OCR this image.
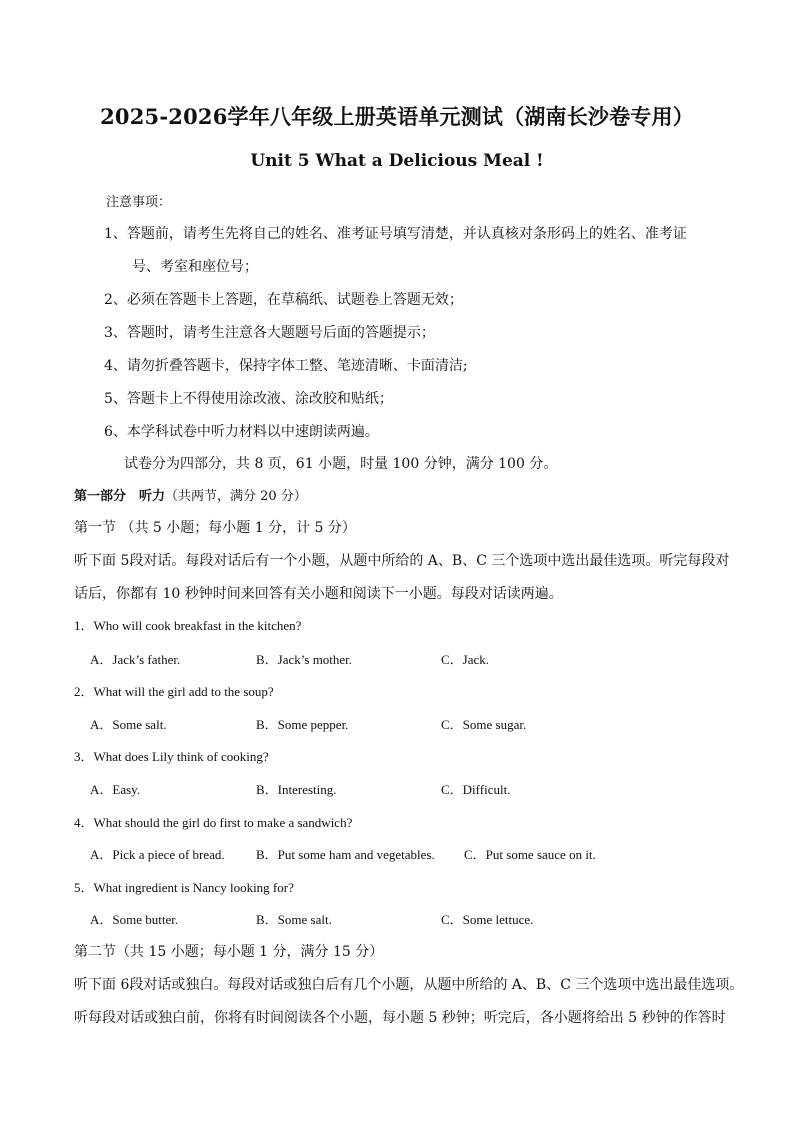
2025-2026学年八年级上册英语单元测试（湖南长沙卷专用）
Unit 5 What a Delicious Meal !
注意事项：
1、答题前，请考生先将自己的姓名、准考证号填写清楚，并认真核对条形码上的姓名、准考证
号、考室和座位号；
2、必须在答题卡上答题，在草稿纸、试题卷上答题无效；
3、答题时，请考生注意各大题题号后面的答题提示；
4、请勿折叠答题卡，保持字体工整、笔迹清晰、卡面清洁;
5、答题卡上不得使用涂改液、涂改胶和贴纸；
6、本学科试卷中听力材料以中速朗读两遍。
试卷分为四部分，共 8 页，61 小题，时量 100 分钟，满分 100 分。
第一部分　听力（共两节，满分 20 分）
第一节 （共 5 小题；每小题 1 分，计 5 分）
听下面 5段对话。每段对话后有一个小题，从题中所给的 A、B、C 三个选项中选出最佳选项。听完每段对
话后，你都有 10 秒钟时间来回答有关小题和阅读下一小题。每段对话读两遍。
1．Who will cook breakfast in the kitchen?
A．Jack’s father.	B．Jack’s mother.	C．Jack.
2．What will the girl add to the soup?
A．Some salt.	B．Some pepper.	C．Some sugar.
3．What does Lily think of cooking?
A．Easy.	B．Interesting.	C．Difficult.
4．What should the girl do first to make a sandwich?
A．Pick a piece of bread. B．Put some ham and vegetables. C．Put some sauce on it.
5．What ingredient is Nancy looking for?
A．Some butter.	B．Some salt.	C．Some lettuce.
第二节（共 15 小题；每小题 1 分，满分 15 分）
听下面 6段对话或独白。每段对话或独白后有几个小题，从题中所给的 A、B、C 三个选项中选出最佳选项。
听每段对话或独白前，你将有时间阅读各个小题，每小题 5 秒钟；听完后，各小题将给出 5 秒钟的作答时
